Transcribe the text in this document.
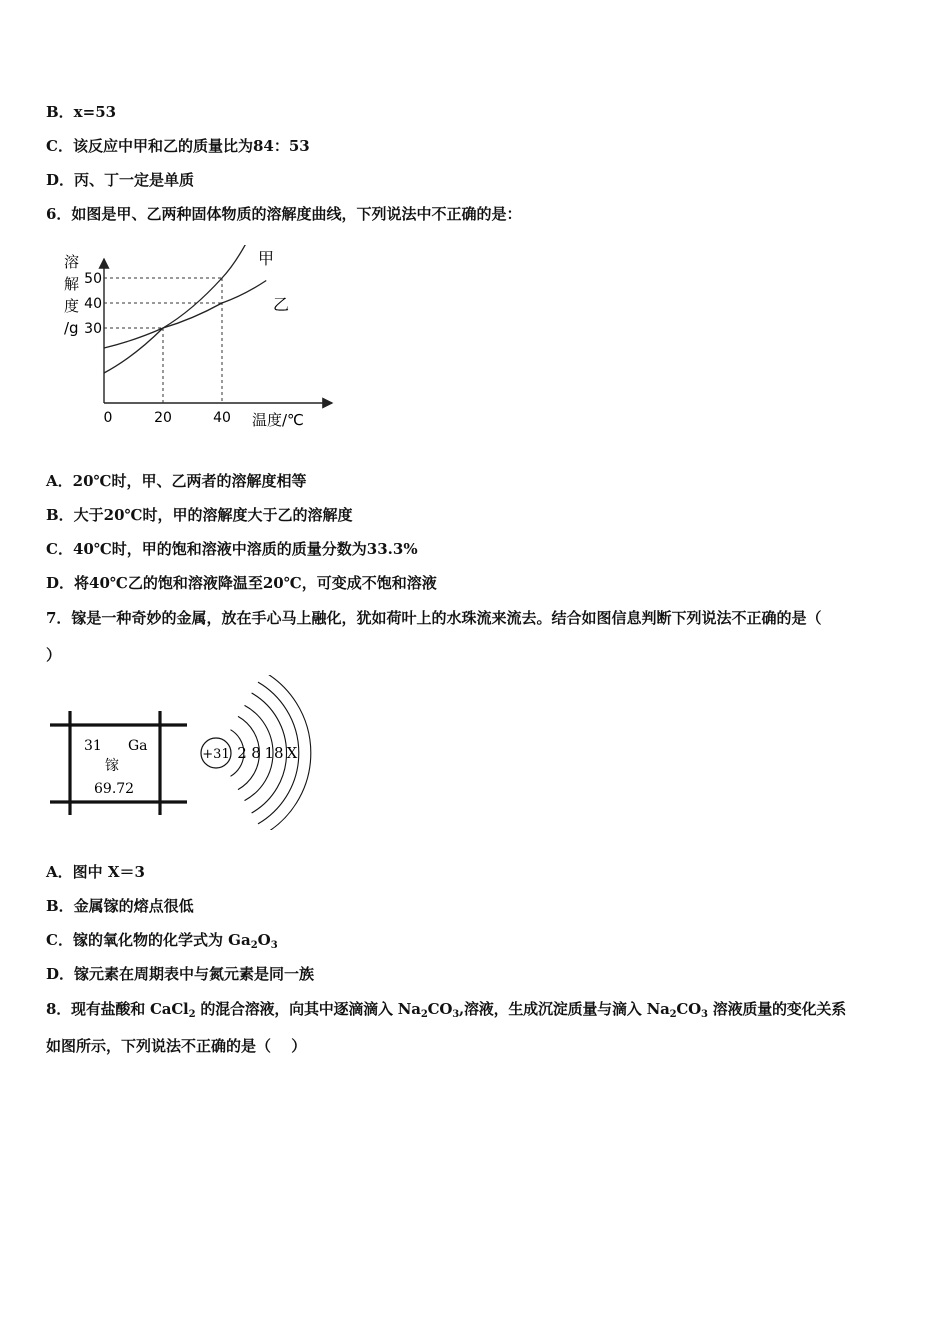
B．x=53
C．该反应中甲和乙的质量比为84：53
D．丙、丁一定是单质
6．如图是甲、乙两种固体物质的溶解度曲线，下列说法中不正确的是：
溶
解
度
/g
0	20	40
30
40
50
温度/℃
甲
乙
A．20℃时，甲、乙两者的溶解度相等
B．大于20℃时，甲的溶解度大于乙的溶解度
C．40℃时，甲的饱和溶液中溶质的质量分数为33.3%
D．将40℃乙的饱和溶液降温至20℃，可变成不饱和溶液
7．镓是一种奇妙的金属，放在手心马上融化，犹如荷叶上的水珠流来流去。结合如图信息判断下列说法不正确的是（
）
31 Ga
镓
69.72
+31 2 8 18 X
A．图中 X＝3
B．金属镓的熔点很低
C．镓的氧化物的化学式为 $Ga_2O_3$
D．镓元素在周期表中与氮元素是同一族
8．现有盐酸和 CaCl$_2$ 的混合溶液，向其中逐滴滴入 $Na_2CO_3$,溶液，生成沉淀质量与滴入 $Na_2CO_3$ 溶液质量的变化关系
如图所示，下列说法不正确的是（　 ）
